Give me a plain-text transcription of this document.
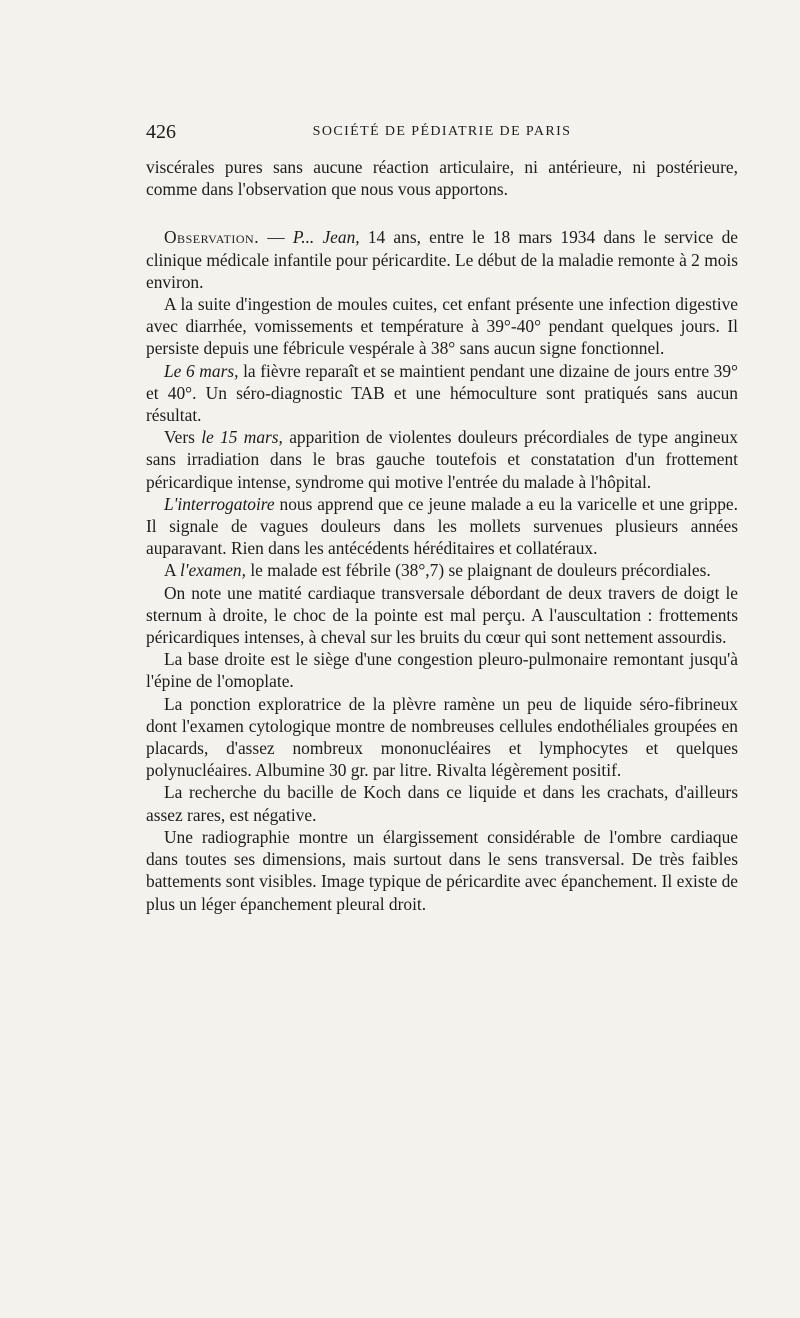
426	SOCIÉTÉ DE PÉDIATRIE DE PARIS

viscérales pures sans aucune réaction articulaire, ni antérieure, ni postérieure, comme dans l'observation que nous vous apportons.

Observation. — P... Jean, 14 ans, entre le 18 mars 1934 dans le service de clinique médicale infantile pour péricardite. Le début de la maladie remonte à 2 mois environ.

A la suite d'ingestion de moules cuites, cet enfant présente une infection digestive avec diarrhée, vomissements et température à 39°-40° pendant quelques jours. Il persiste depuis une fébricule vespérale à 38° sans aucun signe fonctionnel.

Le 6 mars, la fièvre reparaît et se maintient pendant une dizaine de jours entre 39° et 40°. Un séro-diagnostic TAB et une hémoculture sont pratiqués sans aucun résultat.

Vers le 15 mars, apparition de violentes douleurs précordiales de type angineux sans irradiation dans le bras gauche toutefois et constatation d'un frottement péricardique intense, syndrome qui motive l'entrée du malade à l'hôpital.

L'interrogatoire nous apprend que ce jeune malade a eu la varicelle et une grippe. Il signale de vagues douleurs dans les mollets survenues plusieurs années auparavant. Rien dans les antécédents héréditaires et collatéraux.

A l'examen, le malade est fébrile (38°,7) se plaignant de douleurs précordiales.

On note une matité cardiaque transversale débordant de deux travers de doigt le sternum à droite, le choc de la pointe est mal perçu. A l'auscultation : frottements péricardiques intenses, à cheval sur les bruits du cœur qui sont nettement assourdis.

La base droite est le siège d'une congestion pleuro-pulmonaire remontant jusqu'à l'épine de l'omoplate.

La ponction exploratrice de la plèvre ramène un peu de liquide séro-fibrineux dont l'examen cytologique montre de nombreuses cellules endothéliales groupées en placards, d'assez nombreux mononucléaires et lymphocytes et quelques polynucléaires. Albumine 30 gr. par litre. Rivalta légèrement positif.

La recherche du bacille de Koch dans ce liquide et dans les crachats, d'ailleurs assez rares, est négative.

Une radiographie montre un élargissement considérable de l'ombre cardiaque dans toutes ses dimensions, mais surtout dans le sens transversal. De très faibles battements sont visibles. Image typique de péricardite avec épanchement. Il existe de plus un léger épanchement pleural droit.
